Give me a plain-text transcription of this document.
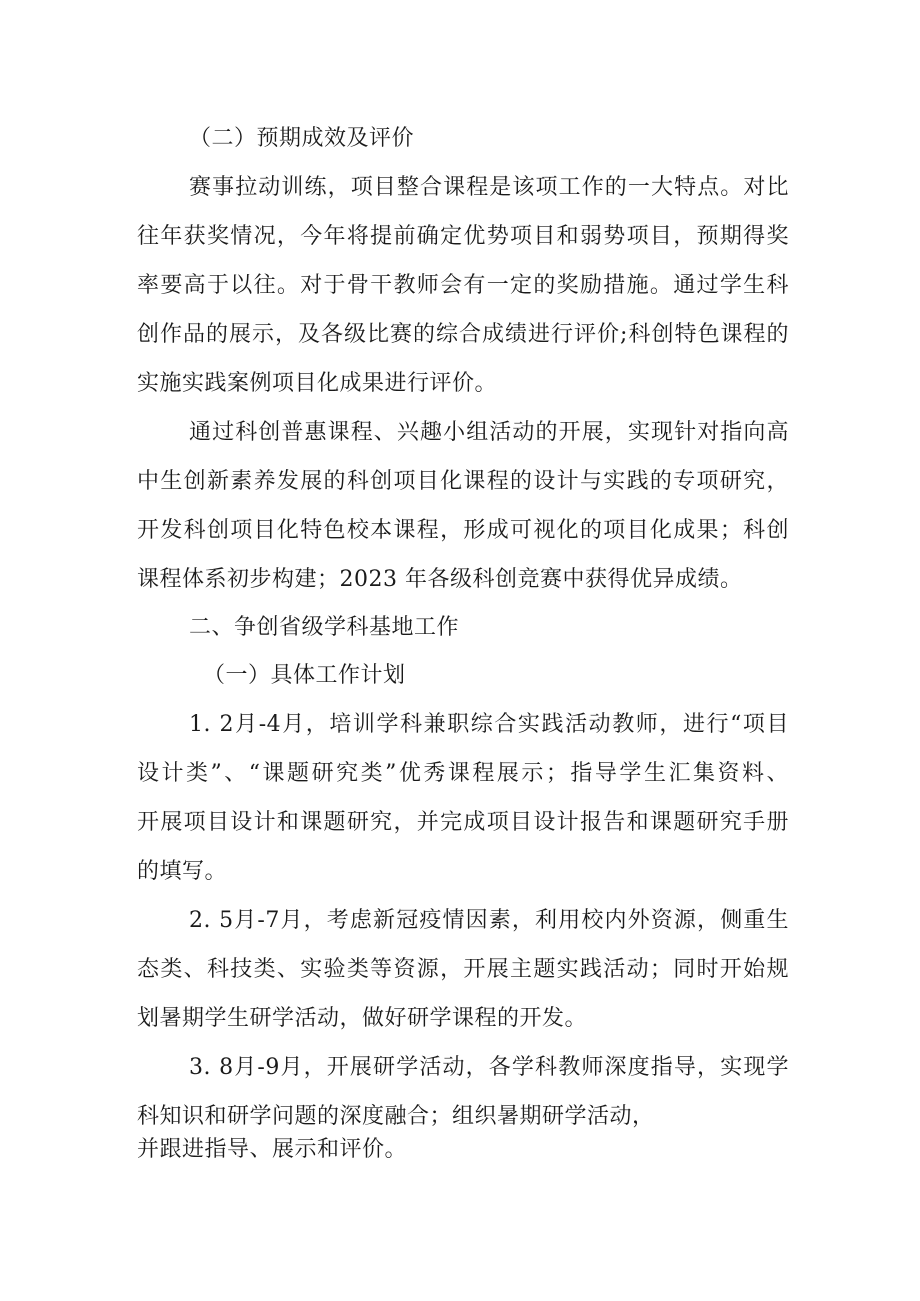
（二）预期成效及评价
赛事拉动训练，项目整合课程是该项工作的一大特点。对比
往年获奖情况，今年将提前确定优势项目和弱势项目，预期得奖
率要高于以往。对于骨干教师会有一定的奖励措施。通过学生科
创作品的展示，及各级比赛的综合成绩进行评价;科创特色课程的
实施实践案例项目化成果进行评价。
通过科创普惠课程、兴趣小组活动的开展，实现针对指向高
中生创新素养发展的科创项目化课程的设计与实践的专项研究，
开发科创项目化特色校本课程，形成可视化的项目化成果；科创
课程体系初步构建；2023 年各级科创竞赛中获得优异成绩。
二、争创省级学科基地工作
（一）具体工作计划
1. 2月-4月，培训学科兼职综合实践活动教师，进行“项目
设计类”、“课题研究类”优秀课程展示；指导学生汇集资料、
开展项目设计和课题研究，并完成项目设计报告和课题研究手册
的填写。
2. 5月-7月，考虑新冠疫情因素，利用校内外资源，侧重生
态类、科技类、实验类等资源，开展主题实践活动；同时开始规
划暑期学生研学活动，做好研学课程的开发。
3. 8月-9月，开展研学活动，各学科教师深度指导，实现学
科知识和研学问题的深度融合；组织暑期研学活动，
并跟进指导、展示和评价。
